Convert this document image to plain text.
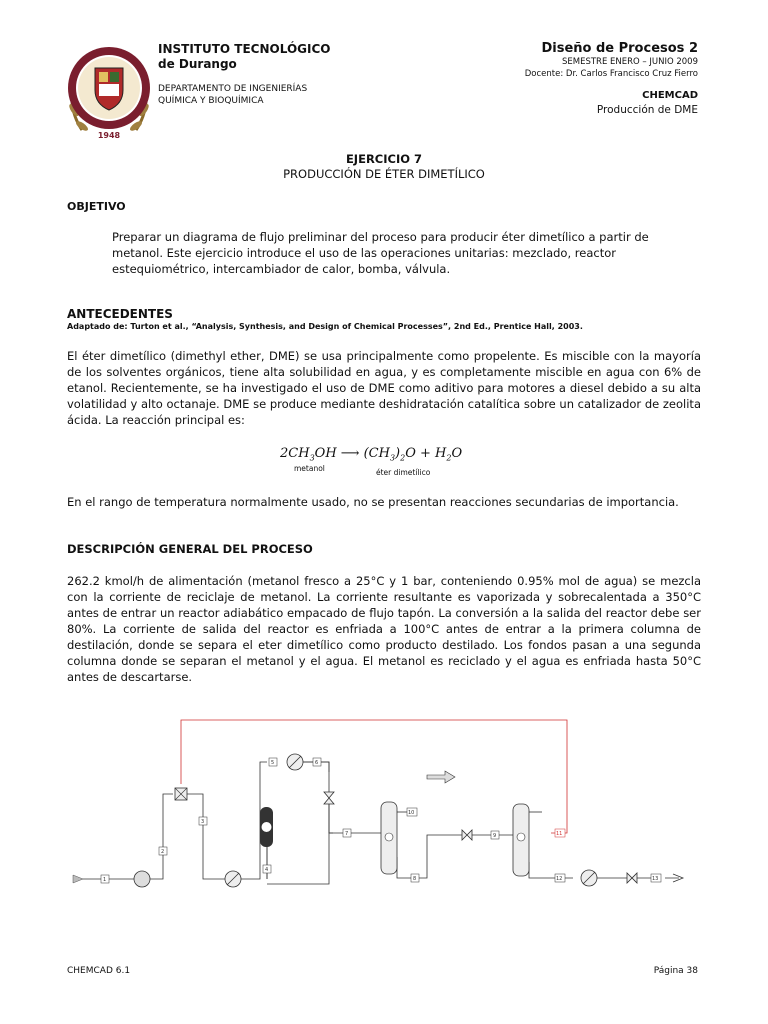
1948
INSTITUTO TECNOLÓGICO
de Durango
DEPARTAMENTO DE INGENIERÍAS
QUÍMICA Y BIOQUÍMICA
Diseño de Procesos 2
SEMESTRE ENERO – JUNIO 2009
Docente: Dr. Carlos Francisco Cruz Fierro
CHEMCAD
Producción de DME
EJERCICIO 7
PRODUCCIÓN DE ÉTER DIMETÍLICO
OBJETIVO
Preparar un diagrama de flujo preliminar del proceso para producir éter dimetílico a partir de metanol. Este ejercicio introduce el uso de las operaciones unitarias: mezclado, reactor estequiométrico, intercambiador de calor, bomba, válvula.
ANTECEDENTES
Adaptado de: Turton et al., “Analysis, Synthesis, and Design of Chemical Processes”, 2nd Ed., Prentice Hall, 2003.
El éter dimetílico (dimethyl ether, DME) se usa principalmente como propelente. Es miscible con la mayoría de los solventes orgánicos, tiene alta solubilidad en agua, y es completamente miscible en agua con 6% de etanol. Recientemente, se ha investigado el uso de DME como aditivo para motores a diesel debido a su alta volatilidad y alto octanaje. DME se produce mediante deshidratación catalítica sobre un catalizador de zeolita ácida. La reacción principal es:
$2CH_3OH$ ⟶ $(CH_3)_2O + H_2O$
metanol	éter dimetílico
En el rango de temperatura normalmente usado, no se presentan reacciones secundarias de importancia.
DESCRIPCIÓN GENERAL DEL PROCESO
262.2 kmol/h de alimentación (metanol fresco a 25°C y 1 bar, conteniendo 0.95% mol de agua) se mezcla con la corriente de reciclaje de metanol. La corriente resultante es vaporizada y sobrecalentada a 350°C antes de entrar un reactor adiabático empacado de flujo tapón. La conversión a la salida del reactor debe ser 80%. La corriente de salida del reactor es enfriada a 100°C antes de entrar a la primera columna de destilación, donde se separa el eter dimetílico como producto destilado. Los fondos pasan a una segunda columna donde se separan el metanol y el agua. El metanol es reciclado y el agua es enfriada hasta 50°C antes de descartarse.
1
2
3
4
5	6
7
8
9
10
12
11
13
CHEMCAD 6.1	Página 38
